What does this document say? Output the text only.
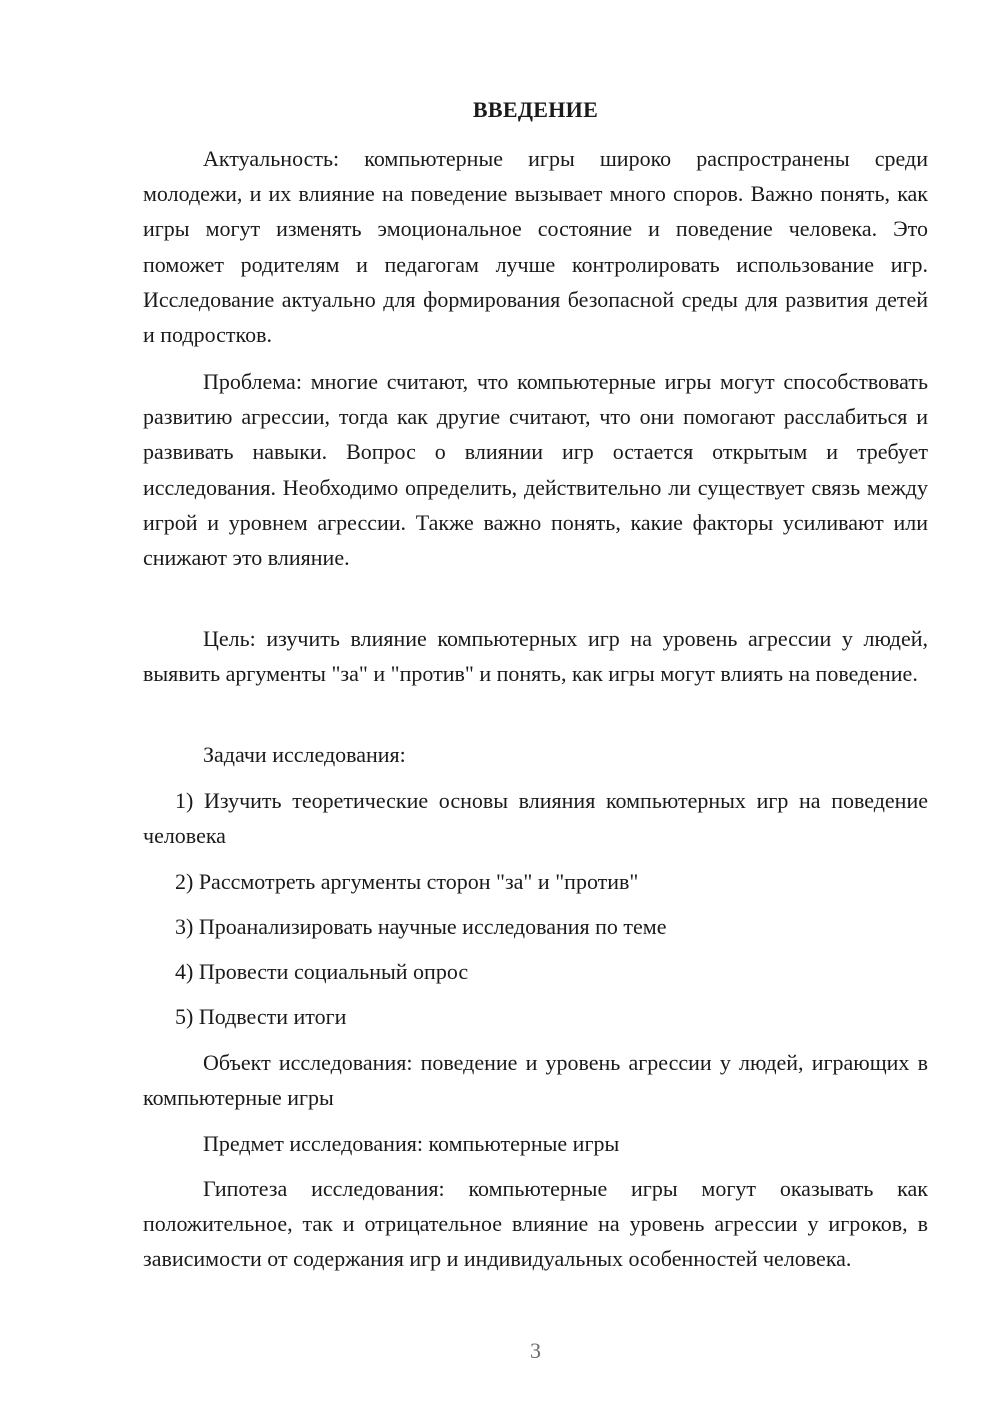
ВВЕДЕНИЕ

Актуальность: компьютерные игры широко распространены среди молодежи, и их влияние на поведение вызывает много споров. Важно понять, как игры могут изменять эмоциональное состояние и поведение человека. Это поможет родителям и педагогам лучше контролировать использование игр. Исследование актуально для формирования безопасной среды для развития детей и подростков.

Проблема: многие считают, что компьютерные игры могут способствовать развитию агрессии, тогда как другие считают, что они помогают расслабиться и развивать навыки. Вопрос о влиянии игр остается открытым и требует исследования. Необходимо определить, действительно ли существует связь между игрой и уровнем агрессии. Также важно понять, какие факторы усиливают или снижают это влияние.

Цель: изучить влияние компьютерных игр на уровень агрессии у людей, выявить аргументы "за" и "против" и понять, как игры могут влиять на поведение.

Задачи исследования:

1) Изучить теоретические основы влияния компьютерных игр на поведение человека

2) Рассмотреть аргументы сторон "за" и "против"

3) Проанализировать научные исследования по теме

4) Провести социальный опрос

5) Подвести итоги

Объект исследования: поведение и уровень агрессии у людей, играющих в компьютерные игры

Предмет исследования: компьютерные игры

Гипотеза исследования: компьютерные игры могут оказывать как положительное, так и отрицательное влияние на уровень агрессии у игроков, в зависимости от содержания игр и индивидуальных особенностей человека.

3
